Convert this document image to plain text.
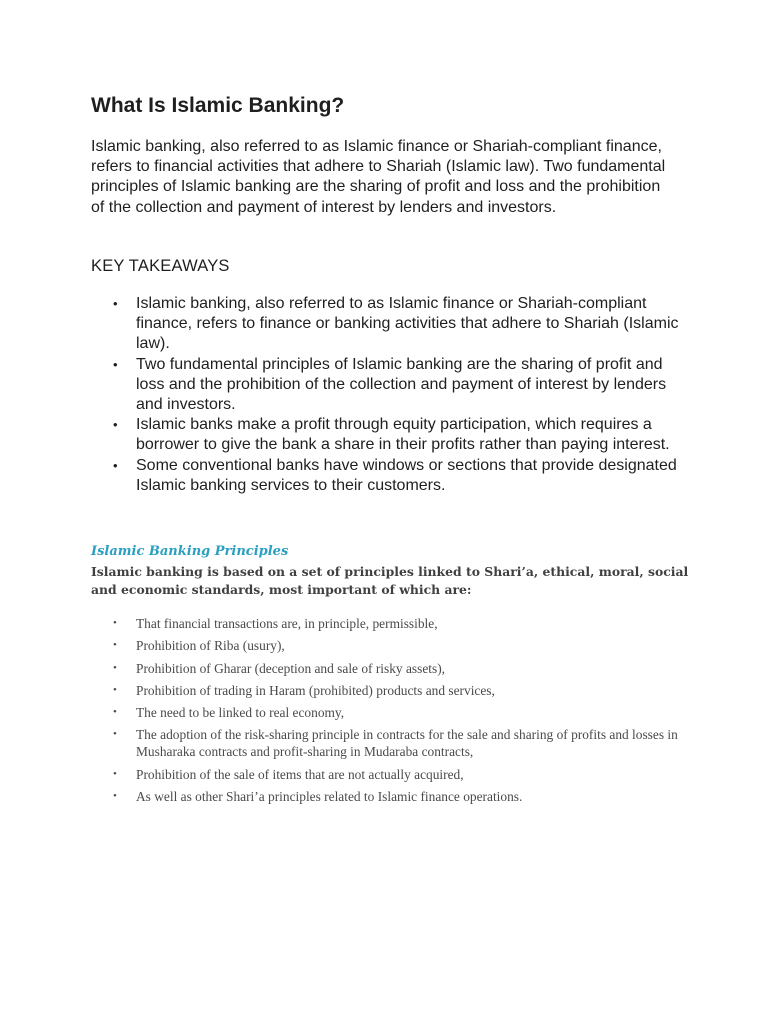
What Is Islamic Banking?

Islamic banking, also referred to as Islamic finance or Shariah-compliant finance, refers to financial activities that adhere to Shariah (Islamic law). Two fundamental principles of Islamic banking are the sharing of profit and loss and the prohibition of the collection and payment of interest by lenders and investors.

KEY TAKEAWAYS
• Islamic banking, also referred to as Islamic finance or Shariah-compliant finance, refers to finance or banking activities that adhere to Shariah (Islamic law).
• Two fundamental principles of Islamic banking are the sharing of profit and loss and the prohibition of the collection and payment of interest by lenders and investors.
• Islamic banks make a profit through equity participation, which requires a borrower to give the bank a share in their profits rather than paying interest.
• Some conventional banks have windows or sections that provide designated Islamic banking services to their customers.
Islamic Banking Principles

Islamic banking is based on a set of principles linked to Shari’a, ethical, moral, social and economic standards, most important of which are:

• That financial transactions are, in principle, permissible,
• Prohibition of Riba (usury),
• Prohibition of Gharar (deception and sale of risky assets),
• Prohibition of trading in Haram (prohibited) products and services,
• The need to be linked to real economy,
• The adoption of the risk-sharing principle in contracts for the sale and sharing of profits and losses in Musharaka contracts and profit-sharing in Mudaraba contracts,
• Prohibition of the sale of items that are not actually acquired,
• As well as other Shari’a principles related to Islamic finance operations.
